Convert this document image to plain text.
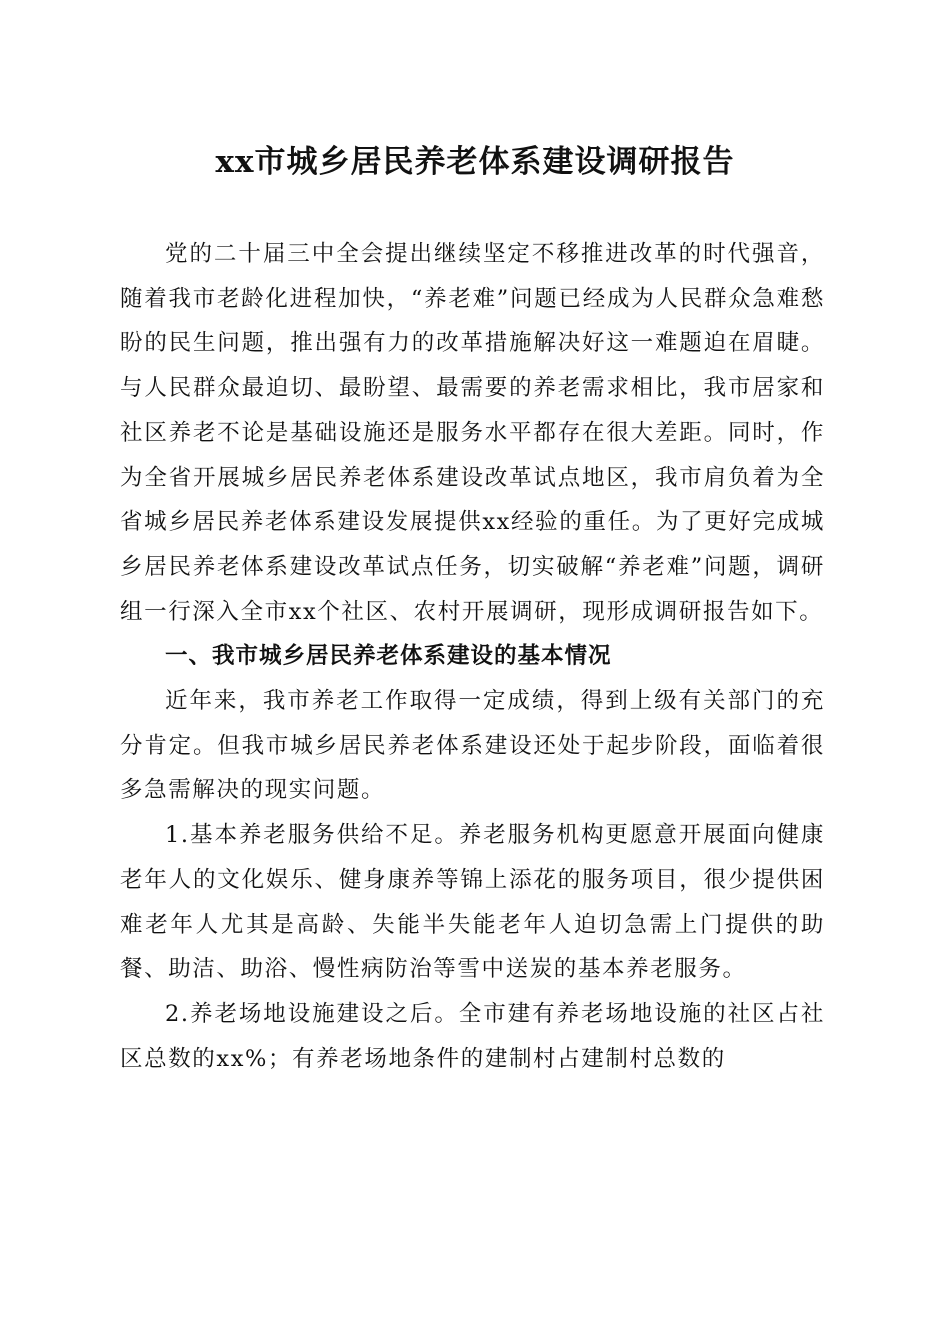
xx市城乡居民养老体系建设调研报告

党的二十届三中全会提出继续坚定不移推进改革的时代强音，随着我市老龄化进程加快，“养老难”问题已经成为人民群众急难愁盼的民生问题，推出强有力的改革措施解决好这一难题迫在眉睫。与人民群众最迫切、最盼望、最需要的养老需求相比，我市居家和社区养老不论是基础设施还是服务水平都存在很大差距。同时，作为全省开展城乡居民养老体系建设改革试点地区，我市肩负着为全省城乡居民养老体系建设发展提供xx经验的重任。为了更好完成城乡居民养老体系建设改革试点任务，切实破解“养老难”问题，调研组一行深入全市xx个社区、农村开展调研，现形成调研报告如下。

一、我市城乡居民养老体系建设的基本情况

近年来，我市养老工作取得一定成绩，得到上级有关部门的充分肯定。但我市城乡居民养老体系建设还处于起步阶段，面临着很多急需解决的现实问题。

1.基本养老服务供给不足。养老服务机构更愿意开展面向健康老年人的文化娱乐、健身康养等锦上添花的服务项目，很少提供困难老年人尤其是高龄、失能半失能老年人迫切急需上门提供的助餐、助洁、助浴、慢性病防治等雪中送炭的基本养老服务。

2.养老场地设施建设之后。全市建有养老场地设施的社区占社区总数的xx%；有养老场地条件的建制村占建制村总数的
